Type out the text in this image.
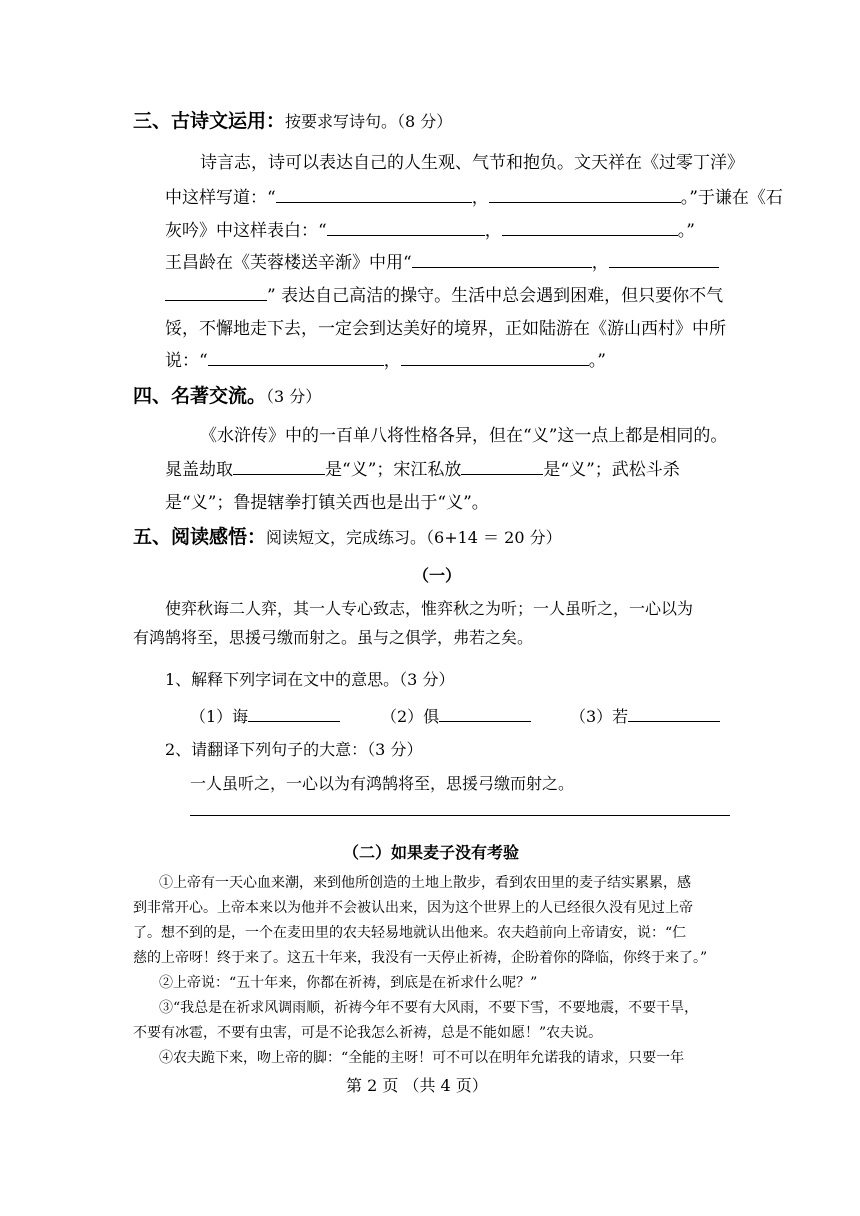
三、古诗文运用：按要求写诗句。（8 分）
诗言志，诗可以表达自己的人生观、气节和抱负。文天祥在《过零丁洋》
中这样写道：“	，	。”于谦在《石
灰吟》中这样表白：“	，	。”
王昌龄在《芙蓉楼送辛渐》中用“	，
” 表达自己高洁的操守。生活中总会遇到困难，但只要你不气
馁，不懈地走下去，一定会到达美好的境界，正如陆游在《游山西村》中所
说：“	，	。”
四、名著交流。（3 分）
《水浒传》中的一百单八将性格各异，但在“义”这一点上都是相同的。
晁盖劫取	是“义”；宋江私放	是“义”；武松斗杀
是“义”；鲁提辖拳打镇关西也是出于“义”。
五、阅读感悟：阅读短文，完成练习。（6+14 ＝ 20 分）
（一）
使弈秋诲二人弈，其一人专心致志，惟弈秋之为听；一人虽听之，一心以为
有鸿鹄将至，思援弓缴而射之。虽与之俱学，弗若之矣。
1、解释下列字词在文中的意思。（3 分）
（1）诲	（2）俱	（3）若
2、请翻译下列句子的大意：（3 分）
一人虽听之，一心以为有鸿鹄将至，思援弓缴而射之。
（二）如果麦子没有考验
①上帝有一天心血来潮，来到他所创造的土地上散步，看到农田里的麦子结实累累，感
到非常开心。上帝本来以为他并不会被认出来，因为这个世界上的人已经很久没有见过上帝
了。想不到的是，一个在麦田里的农夫轻易地就认出他来。农夫趋前向上帝请安，说：“仁
慈的上帝呀！终于来了。这五十年来，我没有一天停止祈祷，企盼着你的降临，你终于来了。”
②上帝说：“五十年来，你都在祈祷，到底是在祈求什么呢？”
③“我总是在祈求风调雨顺，祈祷今年不要有大风雨，不要下雪，不要地震，不要干旱，
不要有冰雹，不要有虫害，可是不论我怎么祈祷，总是不能如愿！”农夫说。
④农夫跪下来，吻上帝的脚：“全能的主呀！可不可以在明年允诺我的请求，只要一年
第 2 页 （共 4 页）
